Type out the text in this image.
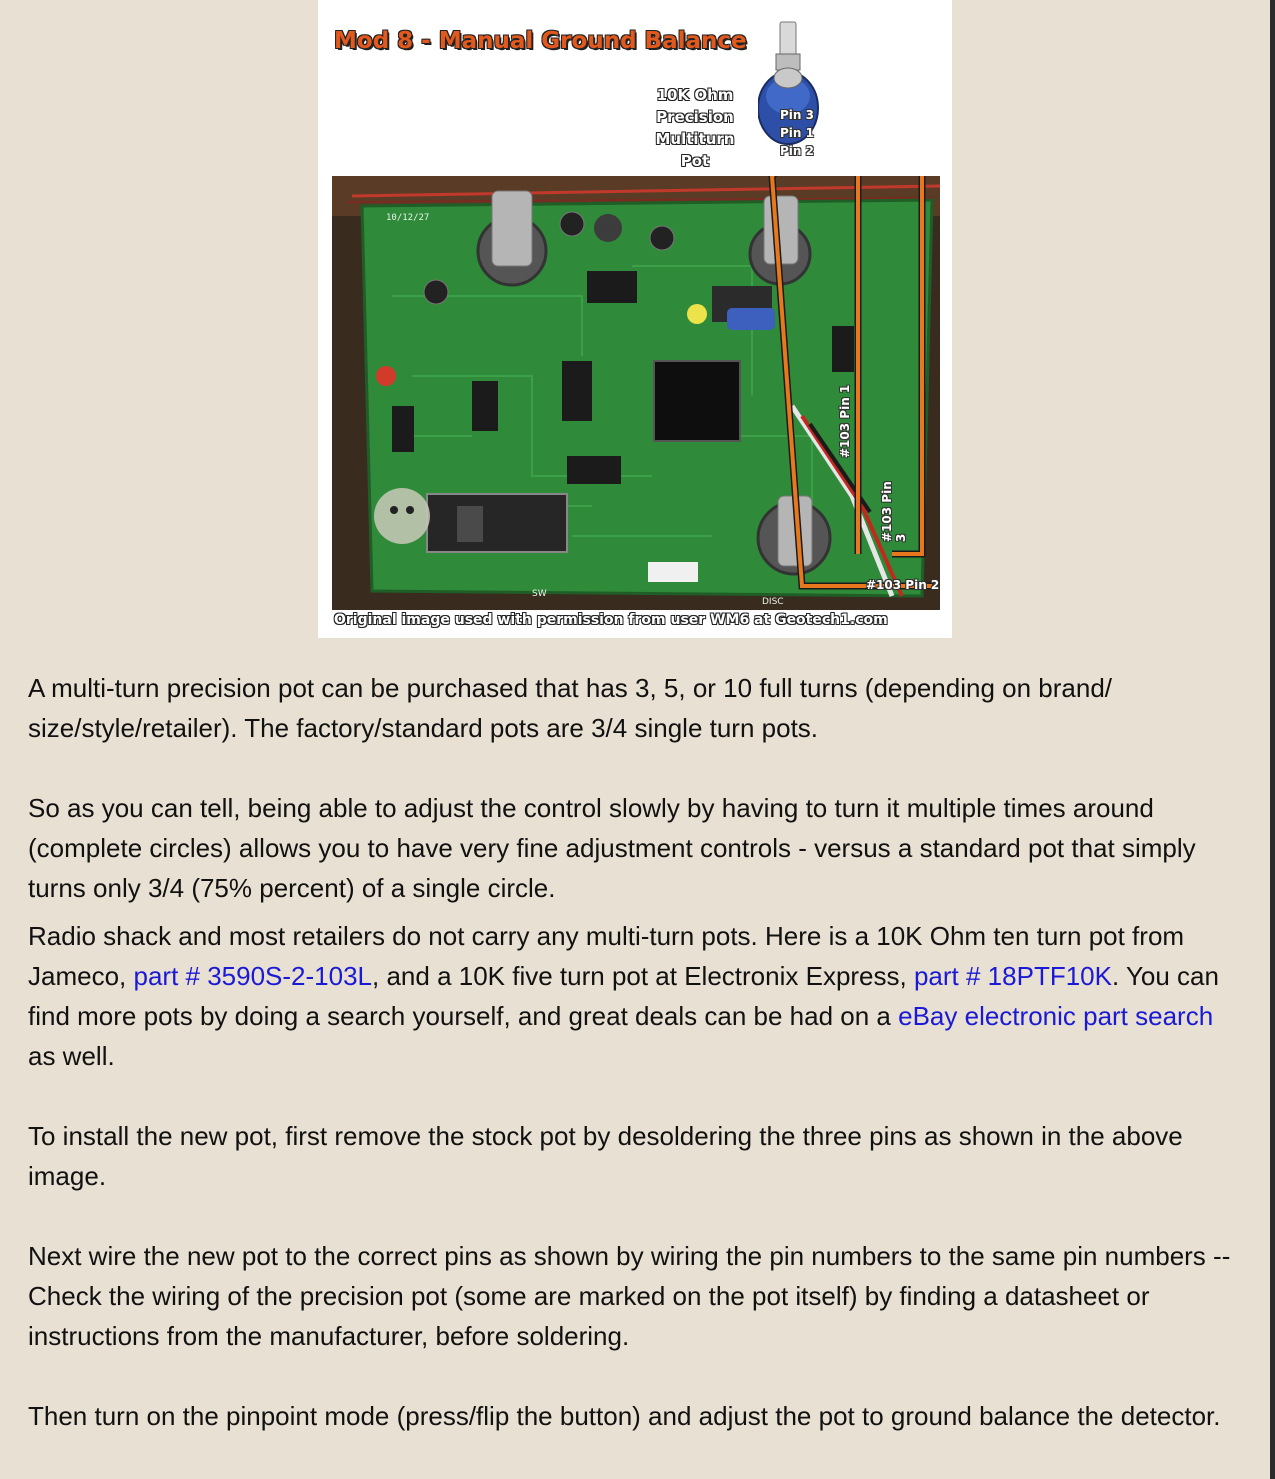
Mod 8 - Manual Ground Balance
10K Ohm
Precision
Multiturn
Pot
Pin 3
Pin 1
Pin 2
10/12/27
SW
DISC
#103 Pin 1
#103 Pin 3
#103 Pin 2
Original image used with permission from user WM6 at Geotech1.com

A multi-turn precision pot can be purchased that has 3, 5, or 10 full turns (depending on brand/ size/style/retailer). The factory/standard pots are 3/4 single turn pots.

So as you can tell, being able to adjust the control slowly by having to turn it multiple times around (complete circles) allows you to have very fine adjustment controls - versus a standard pot that simply turns only 3/4 (75% percent) of a single circle.

Radio shack and most retailers do not carry any multi-turn pots. Here is a 10K Ohm ten turn pot from Jameco, part # 3590S-2-103L, and a 10K five turn pot at Electronix Express, part # 18PTF10K. You can find more pots by doing a search yourself, and great deals can be had on a eBay electronic part search as well.

To install the new pot, first remove the stock pot by desoldering the three pins as shown in the above image.

Next wire the new pot to the correct pins as shown by wiring the pin numbers to the same pin numbers -- Check the wiring of the precision pot (some are marked on the pot itself) by finding a datasheet or instructions from the manufacturer, before soldering.

Then turn on the pinpoint mode (press/flip the button) and adjust the pot to ground balance the detector.
